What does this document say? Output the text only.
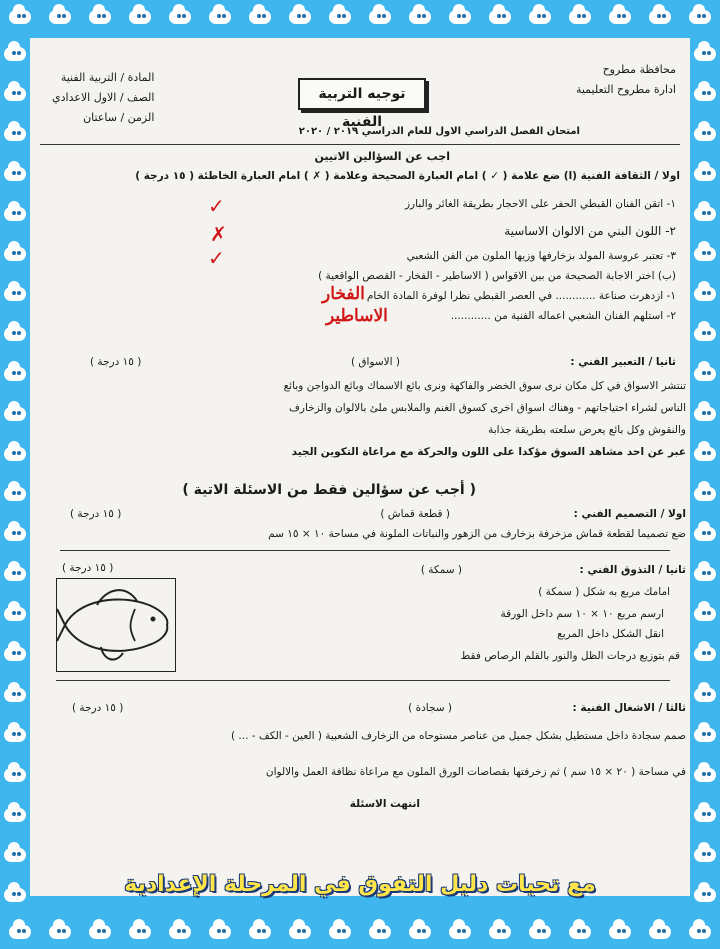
محافظة مطروح
ادارة مطروح التعليمية
المادة / التربية الفنية
الصف / الاول الاعدادي
الزمن / ساعتان
توجيه التربية الفنية
امتحان الفصل الدراسي الاول للعام الدراسي ٢٠١٩ / ٢٠٢٠
اجب عن السؤالين الاتيين
اولا / الثقافة الفنية (ا) ضع علامة ( ✓ ) امام العبارة الصحيحة وعلامة ( ✗ ) امام العبارة الخاطئة ( ١٥ درجة )
١- اتقن الفنان القبطي الحفر على الاحجار بطريقة الغائر والبارز
٢- اللون البني من الالوان الاساسية
٣- تعتبر عروسة المولد بزخارفها وزيها الملون من الفن الشعبي
✓
✗
✓
(ب) اختر الاجابة الصحيحة من بين الاقواس ( الاساطير - الفخار - القصص الواقعية )
١- ازدهرت صناعة ............ في العصر القبطي نظرا لوفرة المادة الخام
٢- استلهم الفنان الشعبي اعماله الفنية من ............
الفخار
الاساطير
ثانيا / التعبير الفني :
( الاسواق )
( ١٥ درجة )
تنتشر الاسواق في كل مكان نرى سوق الخضر والفاكهة ونرى بائع الاسماك وبائع الدواجن وبائع
الناس لشراء احتياجاتهم - وهناك اسواق اخرى كسوق الغنم والملابس ملئ بالالوان والزخارف
والنقوش وكل بائع يعرض سلعته بطريقة جذابة
عبر عن احد مشاهد السوق مؤكدا على اللون والحركة مع مراعاة التكوين الجيد
( أجب عن سؤالين فقط من الاسئلة الاتية )
اولا / التصميم الفني :
( قطعة قماش )
( ١٥ درجة )
ضع تصميما لقطعة قماش مزخرفة بزخارف من الزهور والنباتات الملونة في مساحة ١٠ × ١٥ سم
ثانيا / التذوق الفني :
( سمكة )
( ١٥ درجة )
امامك مربع به شكل ( سمكة )
ارسم مربع ١٠ × ١٠ سم داخل الورقة
انقل الشكل داخل المربع
قم بتوزيع درجات الظل والنور بالقلم الرصاص فقط
ثالثا / الاشغال الفنية :
( سجادة )
( ١٥ درجة )
صمم سجادة داخل مستطيل بشكل جميل من عناصر مستوحاه من الزخارف الشعبية ( العين - الكف - ... )
في مساحة ( ٢٠ × ١٥ سم ) ثم زخرفتها بقصاصات الورق الملون مع مراعاة نظافة العمل والالوان
انتهت الاسئلة
مع تحيات دليل التفوق في المرحلة الإعدادية
